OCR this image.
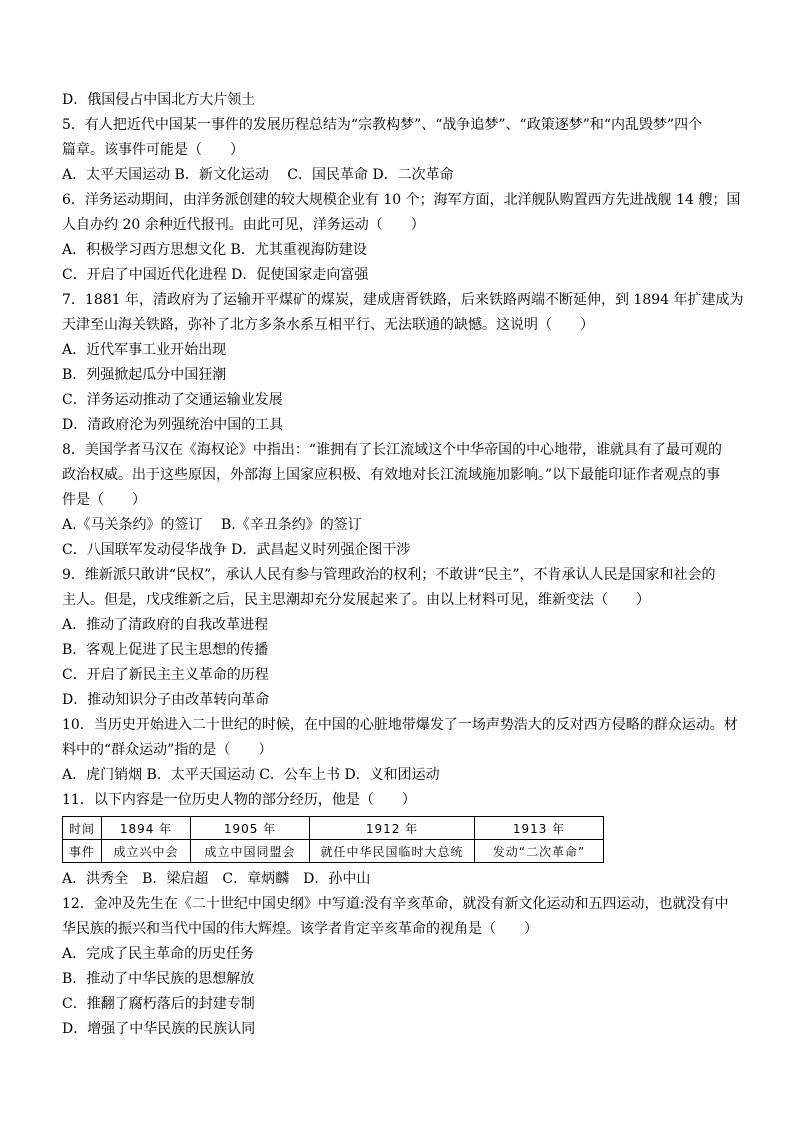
D．俄国侵占中国北方大片领土
5．有人把近代中国某一事件的发展历程总结为“宗教构梦”、“战争追梦”、“政策逐梦”和“内乱毁梦”四个
篇章。该事件可能是（　　）
A．太平天国运动 B．新文化运动　 C．国民革命 D．二次革命
6．洋务运动期间，由洋务派创建的较大规模企业有 10 个；海军方面，北洋舰队购置西方先进战舰 14 艘；国
人自办约 20 余种近代报刊。由此可见，洋务运动（　　）
A．积极学习西方思想文化 B．尤其重视海防建设
C．开启了中国近代化进程 D．促使国家走向富强
7．1881 年，清政府为了运输开平煤矿的煤炭，建成唐胥铁路，后来铁路两端不断延伸，到 1894 年扩建成为
天津至山海关铁路，弥补了北方多条水系互相平行、无法联通的缺憾。这说明（　　）
A．近代军事工业开始出现
B．列强掀起瓜分中国狂潮
C．洋务运动推动了交通运输业发展
D．清政府沦为列强统治中国的工具
8．美国学者马汉在《海权论》中指出：“谁拥有了长江流域这个中华帝国的中心地带，谁就具有了最可观的
政治权威。出于这些原因，外部海上国家应积极、有效地对长江流域施加影响。”以下最能印证作者观点的事
件是（　　）
A.《马关条约》的签订　 B.《辛丑条约》的签订
C．八国联军发动侵华战争 D．武昌起义时列强企图干涉
9．维新派只敢讲“民权”，承认人民有参与管理政治的权利；不敢讲“民主”，不肯承认人民是国家和社会的
主人。但是，戊戌维新之后，民主思潮却充分发展起来了。由以上材料可见，维新变法（　　）
A．推动了清政府的自我改革进程
B．客观上促进了民主思想的传播
C．开启了新民主主义革命的历程
D．推动知识分子由改革转向革命
10．当历史开始进入二十世纪的时候，在中国的心脏地带爆发了一场声势浩大的反对西方侵略的群众运动。材
料中的“群众运动”指的是（　　）
A．虎门销烟 B．太平天国运动 C．公车上书 D．义和团运动
11．以下内容是一位历史人物的部分经历，他是（　　）
时间	1894 年	1905 年	1912 年	1913 年
事件	成立兴中会	成立中国同盟会	就任中华民国临时大总统	发动“二次革命”
A．洪秀全　B．梁启超　C．章炳麟　D．孙中山
12．金冲及先生在《二十世纪中国史纲》中写道:没有辛亥革命，就没有新文化运动和五四运动，也就没有中
华民族的振兴和当代中国的伟大辉煌。该学者肯定辛亥革命的视角是（　　）
A．完成了民主革命的历史任务
B．推动了中华民族的思想解放
C．推翻了腐朽落后的封建专制
D．增强了中华民族的民族认同
